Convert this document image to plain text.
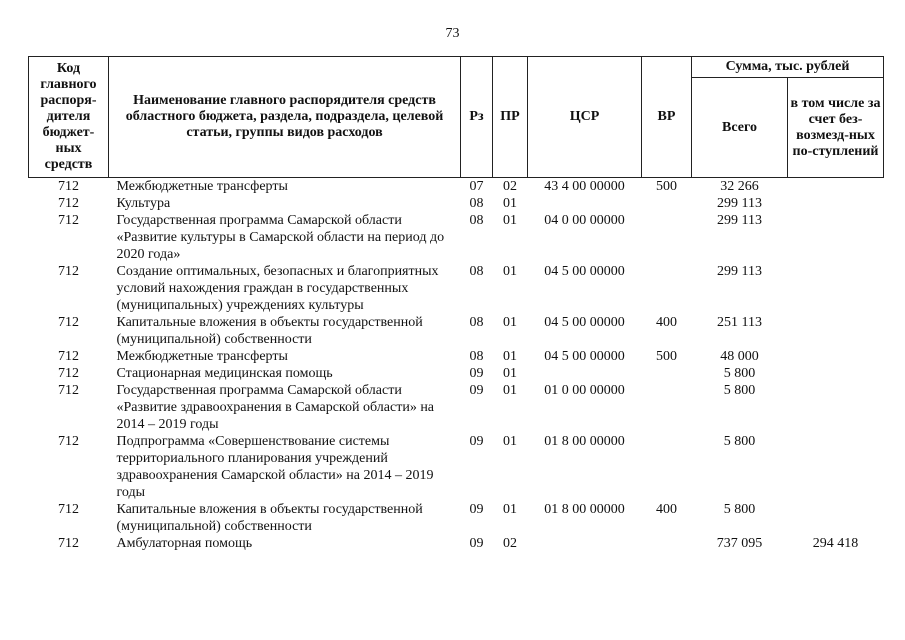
73
Код главного распоря-дителя бюджет-ных средств	Наименование главного распорядителя средств областного бюджета, раздела, подраздела, целевой статьи, группы видов расходов	Рз	ПР	ЦСР	ВР	Сумма, тыс. рублей	
						Всего	в том числе за счет без-возмезд-ных по-ступлений
712	Межбюджетные трансферты	07	02	43 4 00 00000	500	32 266	
712	Культура	08	01			299 113	
712	Государственная программа Самарской области «Развитие культуры в Самарской области на период до 2020 года»	08	01	04 0 00 00000		299 113	
712	Создание оптимальных, безопасных и благоприятных условий нахождения граждан в государственных (муниципальных) учреждениях культуры	08	01	04 5 00 00000		299 113	
712	Капитальные вложения в объекты государственной (муниципальной) собственности	08	01	04 5 00 00000	400	251 113	
712	Межбюджетные трансферты	08	01	04 5 00 00000	500	48 000	
712	Стационарная медицинская помощь	09	01			5 800	
712	Государственная программа Самарской области «Развитие здравоохранения в Самарской области» на 2014 – 2019 годы	09	01	01 0 00 00000		5 800	
712	Подпрограмма «Совершенствование системы территориального планирования учреждений здравоохранения Самарской области» на 2014 – 2019 годы	09	01	01 8 00 00000		5 800	
712	Капитальные вложения в объекты государственной (муниципальной) собственности	09	01	01 8 00 00000	400	5 800	
712	Амбулаторная помощь	09	02			737 095	294 418
